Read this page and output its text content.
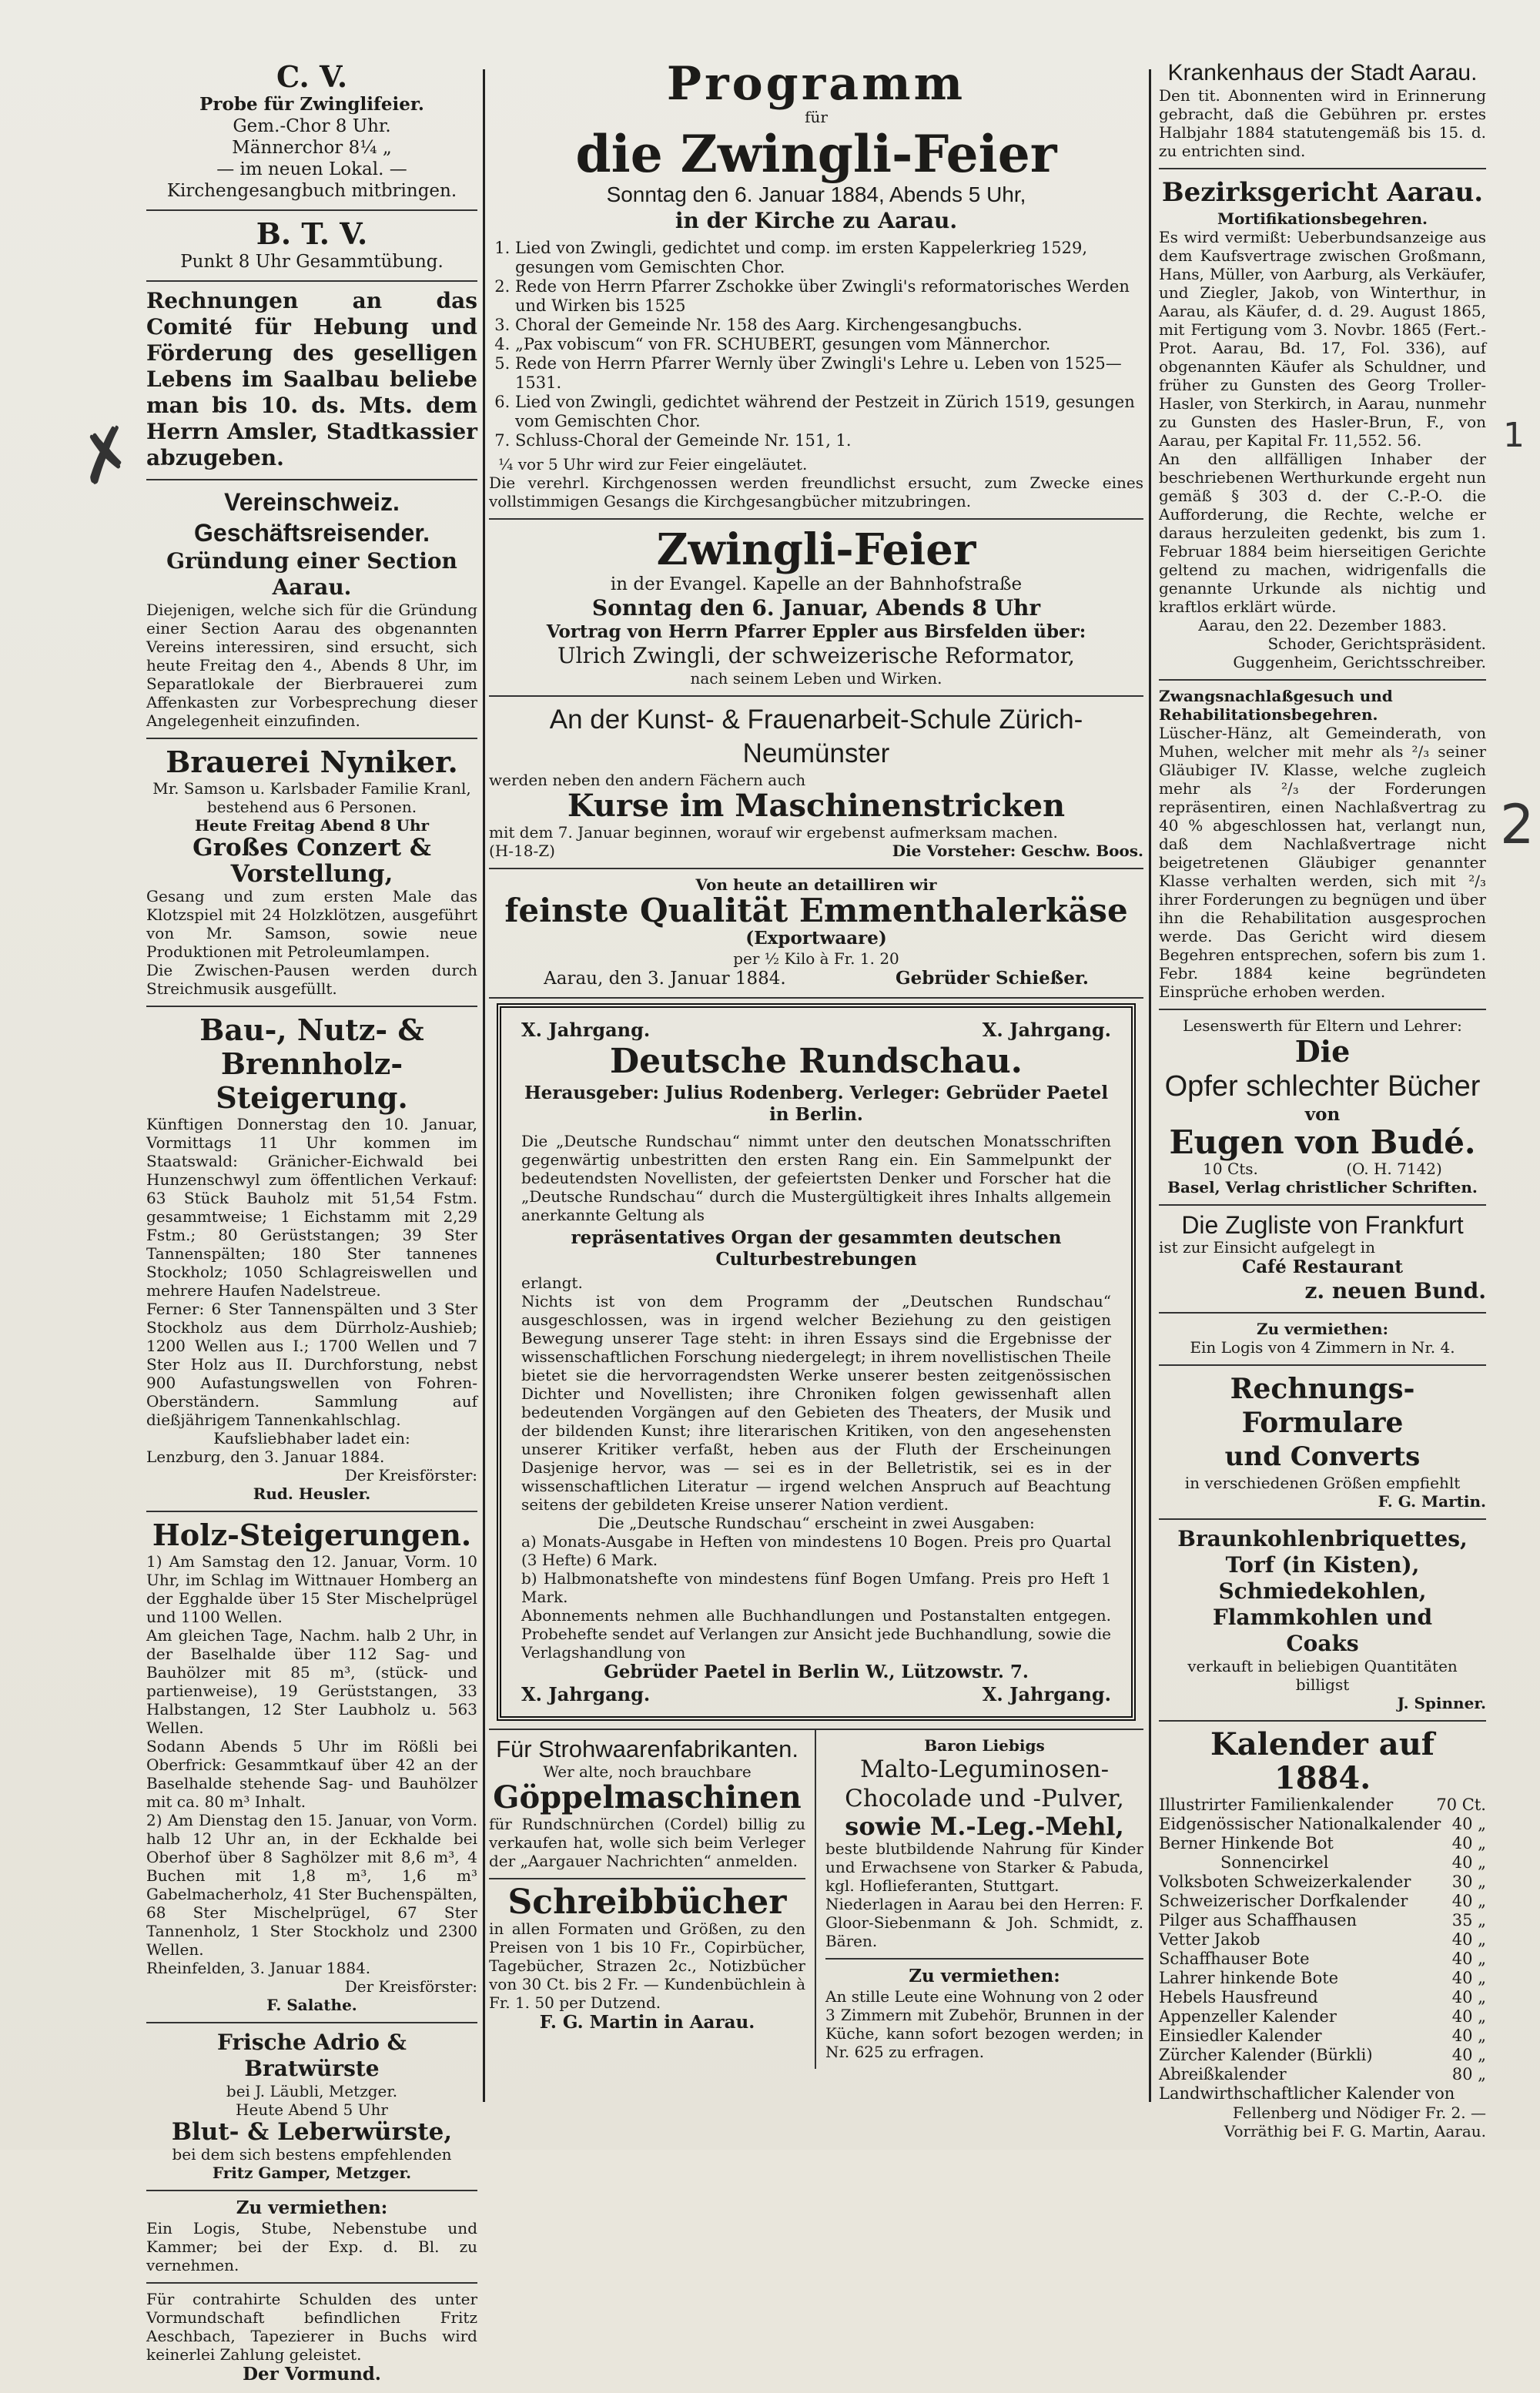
✗	1
2

C. V.

Probe für Zwinglifeier.

Gem.-Chor 8 Uhr.

Männerchor 8¼ „

— im neuen Lokal. —

Kirchengesangbuch mitbringen.

B. T. V.

Punkt 8 Uhr Gesammtübung.

Rechnungen an das Comité für Hebung und Förderung des geselligen Lebens im Saalbau beliebe man bis 10. ds. Mts. dem Herrn Amsler, Stadtkassier abzugeben.

Vereinschweiz. Geschäftsreisender.

Gründung einer Section Aarau.

Diejenigen, welche sich für die Gründung einer Section Aarau des obgenannten Vereins interessiren, sind ersucht, sich heute Freitag den 4., Abends 8 Uhr, im Separatlokale der Bierbrauerei zum Affenkasten zur Vorbesprechung dieser Angelegenheit einzufinden.

Brauerei Nyniker.

Mr. Samson u. Karlsbader Familie Kranl, bestehend aus 6 Personen.

Heute Freitag Abend 8 Uhr

Großes Conzert & Vorstellung,

Gesang und zum ersten Male das Klotzspiel mit 24 Holzklötzen, ausgeführt von Mr. Samson, sowie neue Produktionen mit Petroleumlampen.

Die Zwischen-Pausen werden durch Streichmusik ausgefüllt.

Bau-, Nutz- & Brennholz-Steigerung.

Künftigen Donnerstag den 10. Januar, Vormittags 11 Uhr kommen im Staatswald: Gränicher-Eichwald bei Hunzenschwyl zum öffentlichen Verkauf: 63 Stück Bauholz mit 51,54 Fstm. gesammtweise; 1 Eichstamm mit 2,29 Fstm.; 80 Gerüststangen; 39 Ster Tannenspälten; 180 Ster tannenes Stockholz; 1050 Schlagreiswellen und mehrere Haufen Nadelstreue.

Ferner: 6 Ster Tannenspälten und 3 Ster Stockholz aus dem Dürrholz-Aushieb; 1200 Wellen aus I.; 1700 Wellen und 7 Ster Holz aus II. Durchforstung, nebst 900 Aufastungswellen von Fohren-Oberständern. Sammlung auf dießjährigem Tannenkahlschlag.

Kaufsliebhaber ladet ein:

Lenzburg, den 3. Januar 1884.

Der Kreisförster:

Rud. Heusler.

Holz-Steigerungen.

1) Am Samstag den 12. Januar, Vorm. 10 Uhr, im Schlag im Wittnauer Homberg an der Egghalde über 15 Ster Mischelprügel und 1100 Wellen.

Am gleichen Tage, Nachm. halb 2 Uhr, in der Baselhalde über 112 Sag- und Bauhölzer mit 85 m³, (stück- und partienweise), 19 Gerüststangen, 33 Halbstangen, 12 Ster Laubholz u. 563 Wellen.

Sodann Abends 5 Uhr im Rößli bei Oberfrick: Gesammtkauf über 42 an der Baselhalde stehende Sag- und Bauhölzer mit ca. 80 m³ Inhalt.

2) Am Dienstag den 15. Januar, von Vorm. halb 12 Uhr an, in der Eckhalde bei Oberhof über 8 Saghölzer mit 8,6 m³, 4 Buchen mit 1,8 m³, 1,6 m³ Gabelmacherholz, 41 Ster Buchenspälten, 68 Ster Mischelprügel, 67 Ster Tannenholz, 1 Ster Stockholz und 2300 Wellen.

Rheinfelden, 3. Januar 1884.

Der Kreisförster:

F. Salathe.

Frische Adrio & Bratwürste

bei J. Läubli, Metzger.

Heute Abend 5 Uhr

Blut- & Leberwürste,

bei dem sich bestens empfehlenden

Fritz Gamper, Metzger.

Zu vermiethen:

Ein Logis, Stube, Nebenstube und Kammer; bei der Exp. d. Bl. zu vernehmen.

Für contrahirte Schulden des unter Vormundschaft befindlichen Fritz Aeschbach, Tapezierer in Buchs wird keinerlei Zahlung geleistet.

Der Vormund.

Programm

für

die Zwingli-Feier

Sonntag den 6. Januar 1884, Abends 5 Uhr,

in der Kirche zu Aarau.

1. Lied von Zwingli, gedichtet und comp. im ersten Kappelerkrieg 1529, gesungen vom Gemischten Chor.
2. Rede von Herrn Pfarrer Zschokke über Zwingli's reformatorisches Werden und Wirken bis 1525
3. Choral der Gemeinde Nr. 158 des Aarg. Kirchengesangbuchs.
4. „Pax vobiscum“ von FR. SCHUBERT, gesungen vom Männerchor.
5. Rede von Herrn Pfarrer Wernly über Zwingli's Lehre u. Leben von 1525—1531.
6. Lied von Zwingli, gedichtet während der Pestzeit in Zürich 1519, gesungen vom Gemischten Chor.
7. Schluss-Choral der Gemeinde Nr. 151, 1.

¼ vor 5 Uhr wird zur Feier eingeläutet.

Die verehrl. Kirchgenossen werden freundlichst ersucht, zum Zwecke eines vollstimmigen Gesangs die Kirchgesangbücher mitzubringen.

Zwingli-Feier

in der Evangel. Kapelle an der Bahnhofstraße

Sonntag den 6. Januar, Abends 8 Uhr

Vortrag von Herrn Pfarrer Eppler aus Birsfelden über:

Ulrich Zwingli, der schweizerische Reformator,

nach seinem Leben und Wirken.

An der Kunst- & Frauenarbeit-Schule Zürich-Neumünster

werden neben den andern Fächern auch

Kurse im Maschinenstricken

mit dem 7. Januar beginnen, worauf wir ergebenst aufmerksam machen.

(H-18-Z)	Die Vorsteher: Geschw. Boos.

Von heute an detailliren wir

feinste Qualität Emmenthalerkäse

(Exportwaare)

per ½ Kilo à Fr. 1. 20

Aarau, den 3. Januar 1884.	Gebrüder Schießer.
X. Jahrgang.	X. Jahrgang.

Deutsche Rundschau.

Herausgeber: Julius Rodenberg. Verleger: Gebrüder Paetel in Berlin.

Die „Deutsche Rundschau“ nimmt unter den deutschen Monatsschriften gegenwärtig unbestritten den ersten Rang ein. Ein Sammelpunkt der bedeutendsten Novellisten, der gefeiertsten Denker und Forscher hat die „Deutsche Rundschau“ durch die Mustergültigkeit ihres Inhalts allgemein anerkannte Geltung als

repräsentatives Organ der gesammten deutschen Culturbestrebungen

erlangt.

Nichts ist von dem Programm der „Deutschen Rundschau“ ausgeschlossen, was in irgend welcher Beziehung zu den geistigen Bewegung unserer Tage steht: in ihren Essays sind die Ergebnisse der wissenschaftlichen Forschung niedergelegt; in ihrem novellistischen Theile bietet sie die hervorragendsten Werke unserer besten zeitgenössischen Dichter und Novellisten; ihre Chroniken folgen gewissenhaft allen bedeutenden Vorgängen auf den Gebieten des Theaters, der Musik und der bildenden Kunst; ihre literarischen Kritiken, von den angesehensten unserer Kritiker verfaßt, heben aus der Fluth der Erscheinungen Dasjenige hervor, was — sei es in der Belletristik, sei es in der wissenschaftlichen Literatur — irgend welchen Anspruch auf Beachtung seitens der gebildeten Kreise unserer Nation verdient.

Die „Deutsche Rundschau“ erscheint in zwei Ausgaben:

a) Monats-Ausgabe in Heften von mindestens 10 Bogen. Preis pro Quartal (3 Hefte) 6 Mark.

b) Halbmonatshefte von mindestens fünf Bogen Umfang. Preis pro Heft 1 Mark.

Abonnements nehmen alle Buchhandlungen und Postanstalten entgegen. Probehefte sendet auf Verlangen zur Ansicht jede Buchhandlung, sowie die Verlagshandlung von

Gebrüder Paetel in Berlin W., Lützowstr. 7.

X. Jahrgang.	X. Jahrgang.

Für Strohwaarenfabrikanten.

Wer alte, noch brauchbare

Göppelmaschinen

für Rundschnürchen (Cordel) billig zu verkaufen hat, wolle sich beim Verleger der „Aargauer Nachrichten“ anmelden.

Schreibbücher

in allen Formaten und Größen, zu den Preisen von 1 bis 10 Fr., Copirbücher, Tagebücher, Strazen 2c., Notizbücher von 30 Ct. bis 2 Fr. — Kundenbüchlein à Fr. 1. 50 per Dutzend.

F. G. Martin in Aarau.

Baron Liebigs

Malto-Leguminosen-Chocolade und -Pulver,

sowie M.-Leg.-Mehl,

beste blutbildende Nahrung für Kinder und Erwachsene von Starker & Pabuda, kgl. Hoflieferanten, Stuttgart.

Niederlagen in Aarau bei den Herren: F. Gloor-Siebenmann & Joh. Schmidt, z. Bären.

Zu vermiethen:

An stille Leute eine Wohnung von 2 oder 3 Zimmern mit Zubehör, Brunnen in der Küche, kann sofort bezogen werden; in Nr. 625 zu erfragen.

Krankenhaus der Stadt Aarau.

Den tit. Abonnenten wird in Erinnerung gebracht, daß die Gebühren pr. erstes Halbjahr 1884 statutengemäß bis 15. d. zu entrichten sind.

Bezirksgericht Aarau.

Mortifikationsbegehren.

Es wird vermißt: Ueberbundsanzeige aus dem Kaufsvertrage zwischen Großmann, Hans, Müller, von Aarburg, als Verkäufer, und Ziegler, Jakob, von Winterthur, in Aarau, als Käufer, d. d. 29. August 1865, mit Fertigung vom 3. Novbr. 1865 (Fert.-Prot. Aarau, Bd. 17, Fol. 336), auf obgenannten Käufer als Schuldner, und früher zu Gunsten des Georg Troller-Hasler, von Sterkirch, in Aarau, nunmehr zu Gunsten des Hasler-Brun, F., von Aarau, per Kapital Fr. 11,552. 56.

An den allfälligen Inhaber der beschriebenen Werthurkunde ergeht nun gemäß § 303 d. der C.-P.-O. die Aufforderung, die Rechte, welche er daraus herzuleiten gedenkt, bis zum 1. Februar 1884 beim hierseitigen Gerichte geltend zu machen, widrigenfalls die genannte Urkunde als nichtig und kraftlos erklärt würde.

Aarau, den 22. Dezember 1883.

Schoder, Gerichtspräsident.

Guggenheim, Gerichtsschreiber.

Zwangsnachlaßgesuch und Rehabilitationsbegehren.

Lüscher-Hänz, alt Gemeinderath, von Muhen, welcher mit mehr als ²/₃ seiner Gläubiger IV. Klasse, welche zugleich mehr als ²/₃ der Forderungen repräsentiren, einen Nachlaßvertrag zu 40 % abgeschlossen hat, verlangt nun, daß dem Nachlaßvertrage nicht beigetretenen Gläubiger genannter Klasse verhalten werden, sich mit ²/₃ ihrer Forderungen zu begnügen und über ihn die Rehabilitation ausgesprochen werde. Das Gericht wird diesem Begehren entsprechen, sofern bis zum 1. Febr. 1884 keine begründeten Einsprüche erhoben werden.

Lesenswerth für Eltern und Lehrer:

Die

Opfer schlechter Bücher

von

Eugen von Budé.

10 Cts.	(O. H. 7142)

Basel, Verlag christlicher Schriften.

Die Zugliste von Frankfurt

ist zur Einsicht aufgelegt in

Café Restaurant

z. neuen Bund.

Zu vermiethen:

Ein Logis von 4 Zimmern in Nr. 4.

Rechnungs-Formulare

und Converts

in verschiedenen Größen empfiehlt

F. G. Martin.

Braunkohlenbriquettes,

Torf (in Kisten),

Schmiedekohlen,

Flammkohlen und

Coaks

verkauft in beliebigen Quantitäten billigst

J. Spinner.

Kalender auf 1884.

Illustrirter Familienkalender	70 Ct.
Eidgenössischer Nationalkalender 40 „
Berner Hinkende Bot	40 „
Sonnencirkel	40 „
Volksboten Schweizerkalender	30 „
Schweizerischer Dorfkalender	40 „
Pilger aus Schaffhausen	35 „
Vetter Jakob	40 „
Schaffhauser Bote	40 „
Lahrer hinkende Bote	40 „
Hebels Hausfreund	40 „
Appenzeller Kalender	40 „
Einsiedler Kalender	40 „
Zürcher Kalender (Bürkli)	40 „
Abreißkalender	80 „
Landwirthschaftlicher Kalender von

Fellenberg und Nödiger Fr. 2. —

Vorräthig bei F. G. Martin, Aarau.
